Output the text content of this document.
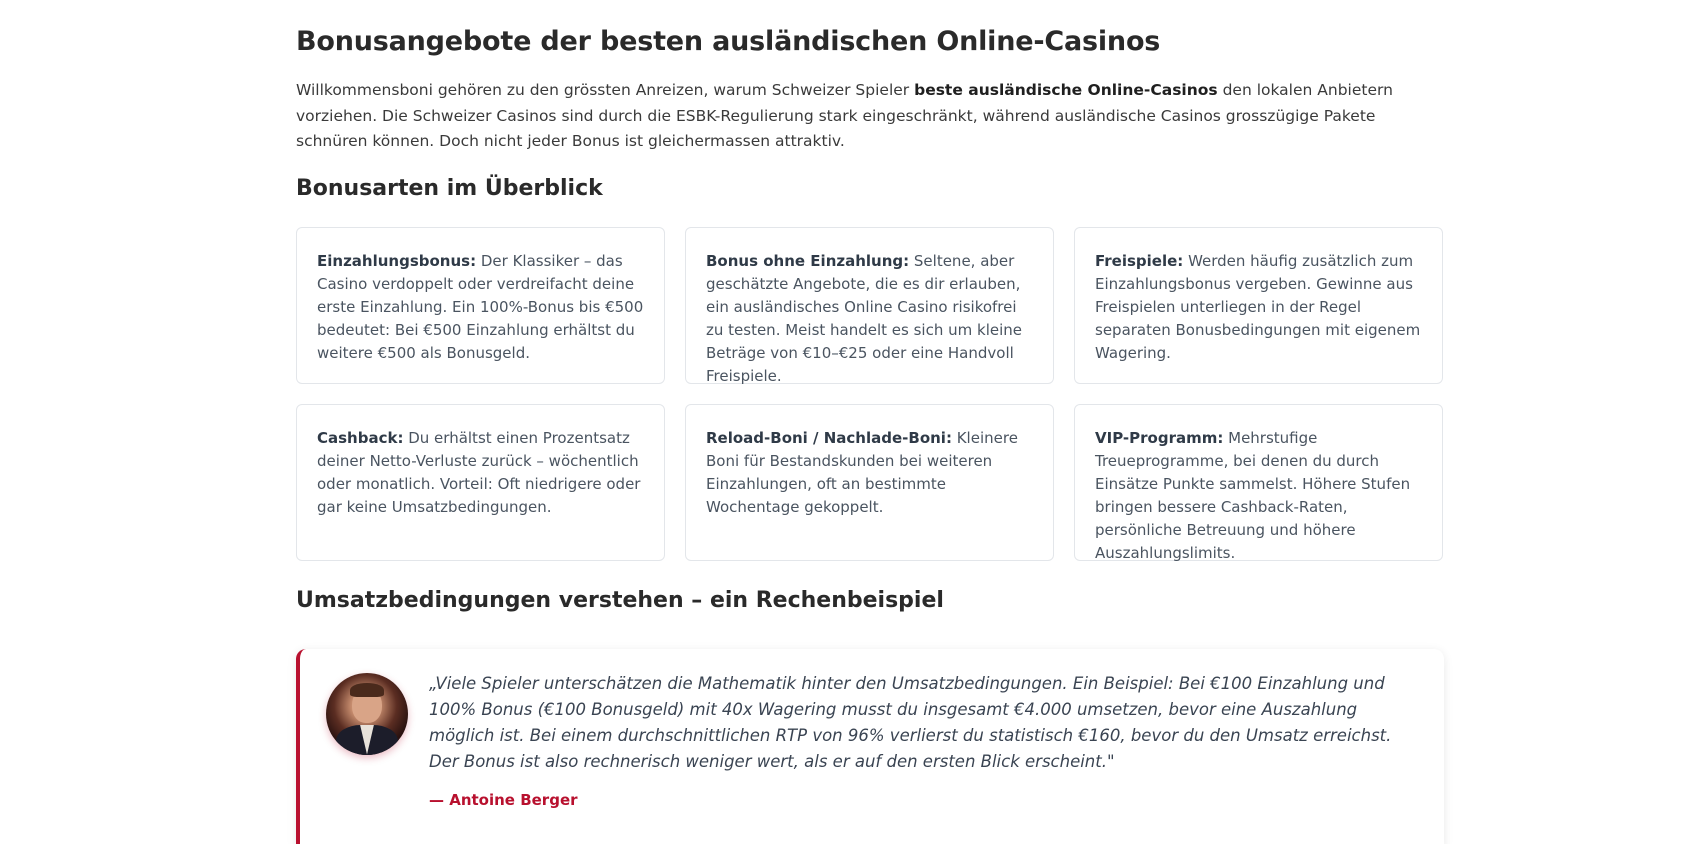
Bonusangebote der besten ausländischen Online-Casinos

Willkommensboni gehören zu den grössten Anreizen, warum Schweizer Spieler beste ausländische Online-Casinos den lokalen Anbietern vorziehen. Die Schweizer Casinos sind durch die ESBK-Regulierung stark eingeschränkt, während ausländische Casinos grosszügige Pakete schnüren können. Doch nicht jeder Bonus ist gleichermassen attraktiv.

Bonusarten im Überblick
Einzahlungsbonus: Der Klassiker – das Casino verdoppelt oder verdreifacht deine erste Einzahlung. Ein 100%-Bonus bis €500 bedeutet: Bei €500 Einzahlung erhältst du weitere €500 als Bonusgeld.
Bonus ohne Einzahlung: Seltene, aber geschätzte Angebote, die es dir erlauben, ein ausländisches Online Casino risikofrei zu testen. Meist handelt es sich um kleine Beträge von €10–€25 oder eine Handvoll Freispiele.
Freispiele: Werden häufig zusätzlich zum Einzahlungsbonus vergeben. Gewinne aus Freispielen unterliegen in der Regel separaten Bonusbedingungen mit eigenem Wagering.
Cashback: Du erhältst einen Prozentsatz deiner Netto-Verluste zurück – wöchentlich oder monatlich. Vorteil: Oft niedrigere oder gar keine Umsatzbedingungen.
Reload-Boni / Nachlade-Boni: Kleinere Boni für Bestandskunden bei weiteren Einzahlungen, oft an bestimmte Wochentage gekoppelt.
VIP-Programm: Mehrstufige Treueprogramme, bei denen du durch Einsätze Punkte sammelst. Höhere Stufen bringen bessere Cashback-Raten, persönliche Betreuung und höhere Auszahlungslimits.
Umsatzbedingungen verstehen – ein Rechenbeispiel

„Viele Spieler unterschätzen die Mathematik hinter den Umsatzbedingungen. Ein Beispiel: Bei €100 Einzahlung und 100% Bonus (€100 Bonusgeld) mit 40x Wagering musst du insgesamt €4.000 umsetzen, bevor eine Auszahlung möglich ist. Bei einem durchschnittlichen RTP von 96% verlierst du statistisch €160, bevor du den Umsatz erreichst. Der Bonus ist also rechnerisch weniger wert, als er auf den ersten Blick erscheint."

— Antoine Berger
